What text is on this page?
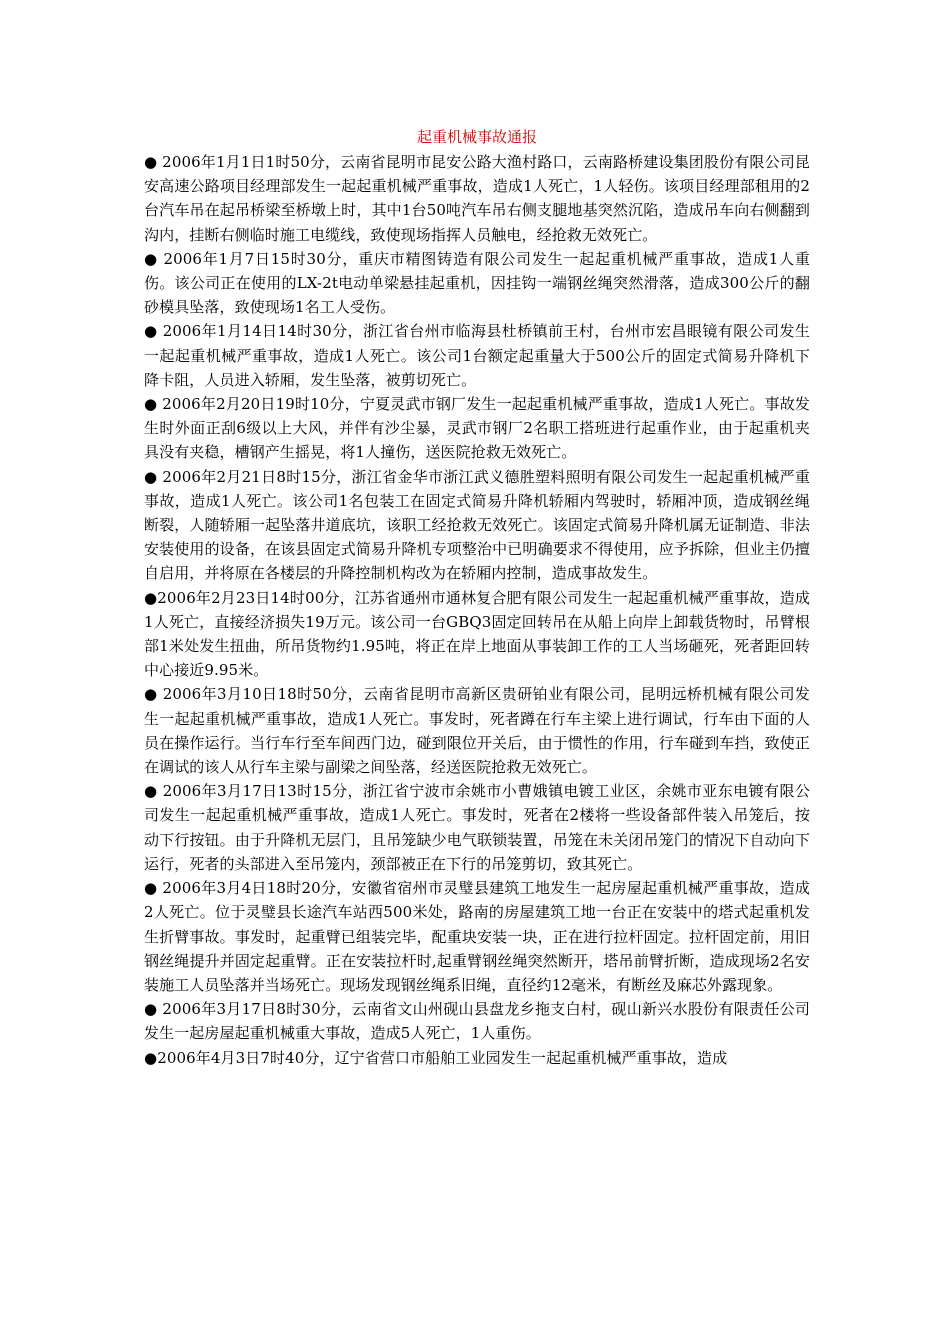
起重机械事故通报

● 2006年1月1日1时50分，云南省昆明市昆安公路大渔村路口，云南路桥建设集团股份有限公司昆安高速公路项目经理部发生一起起重机械严重事故，造成1人死亡，1人轻伤。该项目经理部租用的2台汽车吊在起吊桥梁至桥墩上时，其中1台50吨汽车吊右侧支腿地基突然沉陷，造成吊车向右侧翻到沟内，挂断右侧临时施工电缆线，致使现场指挥人员触电，经抢救无效死亡。

● 2006年1月7日15时30分，重庆市精图铸造有限公司发生一起起重机械严重事故，造成1人重伤。该公司正在使用的LX-2t电动单梁悬挂起重机，因挂钩一端钢丝绳突然滑落，造成300公斤的翻砂模具坠落，致使现场1名工人受伤。

● 2006年1月14日14时30分，浙江省台州市临海县杜桥镇前王村，台州市宏昌眼镜有限公司发生一起起重机械严重事故，造成1人死亡。该公司1台额定起重量大于500公斤的固定式简易升降机下降卡阻，人员进入轿厢，发生坠落，被剪切死亡。

● 2006年2月20日19时10分，宁夏灵武市钢厂发生一起起重机械严重事故，造成1人死亡。事故发生时外面正刮6级以上大风，并伴有沙尘暴，灵武市钢厂2名职工搭班进行起重作业，由于起重机夹具没有夹稳，槽钢产生摇晃，将1人撞伤，送医院抢救无效死亡。

● 2006年2月21日8时15分，浙江省金华市浙江武义德胜塑料照明有限公司发生一起起重机械严重事故，造成1人死亡。该公司1名包装工在固定式简易升降机轿厢内驾驶时，轿厢冲顶，造成钢丝绳断裂，人随轿厢一起坠落井道底坑，该职工经抢救无效死亡。该固定式简易升降机属无证制造、非法安装使用的设备，在该县固定式简易升降机专项整治中已明确要求不得使用，应予拆除，但业主仍擅自启用，并将原在各楼层的升降控制机构改为在轿厢内控制，造成事故发生。

●2006年2月23日14时00分，江苏省通州市通林复合肥有限公司发生一起起重机械严重事故，造成1人死亡，直接经济损失19万元。该公司一台GBQ3固定回转吊在从船上向岸上卸载货物时，吊臂根部1米处发生扭曲，所吊货物约1.95吨，将正在岸上地面从事装卸工作的工人当场砸死，死者距回转中心接近9.95米。

● 2006年3月10日18时50分，云南省昆明市高新区贵研铂业有限公司，昆明远桥机械有限公司发生一起起重机械严重事故，造成1人死亡。事发时，死者蹲在行车主梁上进行调试，行车由下面的人员在操作运行。当行车行至车间西门边，碰到限位开关后，由于惯性的作用，行车碰到车挡，致使正在调试的该人从行车主梁与副梁之间坠落，经送医院抢救无效死亡。

● 2006年3月17日13时15分，浙江省宁波市余姚市小曹娥镇电镀工业区，余姚市亚东电镀有限公司发生一起起重机械严重事故，造成1人死亡。事发时，死者在2楼将一些设备部件装入吊笼后，按动下行按钮。由于升降机无层门，且吊笼缺少电气联锁装置，吊笼在未关闭吊笼门的情况下自动向下运行，死者的头部进入至吊笼内，颈部被正在下行的吊笼剪切，致其死亡。

● 2006年3月4日18时20分，安徽省宿州市灵璧县建筑工地发生一起房屋起重机械严重事故，造成2人死亡。位于灵璧县长途汽车站西500米处，路南的房屋建筑工地一台正在安装中的塔式起重机发生折臂事故。事发时，起重臂已组装完毕，配重块安装一块，正在进行拉杆固定。拉杆固定前，用旧钢丝绳提升并固定起重臂。正在安装拉杆时,起重臂钢丝绳突然断开，塔吊前臂折断，造成现场2名安装施工人员坠落并当场死亡。现场发现钢丝绳系旧绳，直径约12毫米，有断丝及麻芯外露现象。

● 2006年3月17日8时30分，云南省文山州砚山县盘龙乡拖支白村，砚山新兴水股份有限责任公司发生一起房屋起重机械重大事故，造成5人死亡，1人重伤。

●2006年4月3日7时40分，辽宁省营口市船舶工业园发生一起起重机械严重事故，造成
